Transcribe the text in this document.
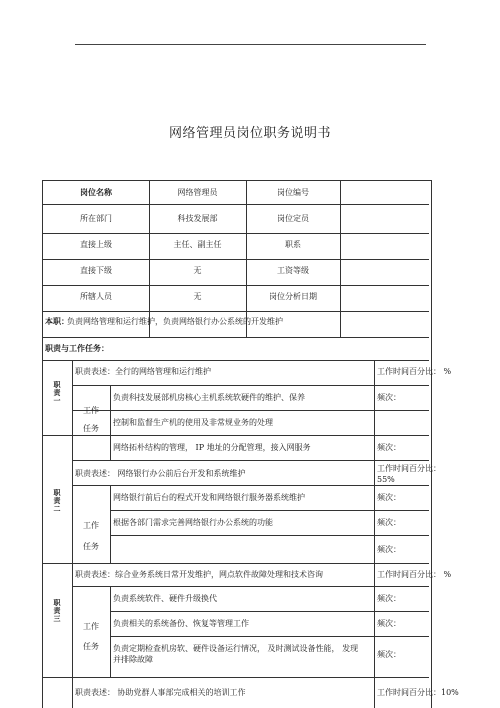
网络管理员岗位职务说明书
岗位名称	网络管理员	岗位编号
所在部门	科技发展部	岗位定员
直接上级	主任、副主任	职系
直接下级	无	工资等级
所辖人员	无	岗位分析日期
本职：
负责网络管理和运行维护，负责网络银行办公系统的开发维护
职责与工作任务：
职责一
职责表述：全行的网络管理和运行维护	工作时间百分比： %
工作
任务
负责科技发展部机房核心主机系统软硬件的维护、保养	频次：
控制和监督生产机的使用及非常规业务的处理
网络拓朴结构的管理， IP 地址的分配管理，接入网服务	频次：
职责二
职责表述： 网络银行办公前后台开发和系统维护
工作时间百分比：
55%
工作
任务
网络银行前后台的程式开发和网络银行服务器系统维护	频次：
根据各部门需求完善网络银行办公系统的功能	频次：
频次：
职责三
职责表述：综合业务系统日常开发维护，网点软件故障处理和技术咨询	工作时间百分比： %
工作
任务
负责系统软件、硬件升级换代	频次：
负责相关的系统备份、恢复等管理工作	频次：
负责定期检查机房软、硬件设备运行情况， 及时测试设备性能， 发现
并排除故障
频次：
职责表述： 协助党群人事部完成相关的培训工作	工作时间百分比：10%
